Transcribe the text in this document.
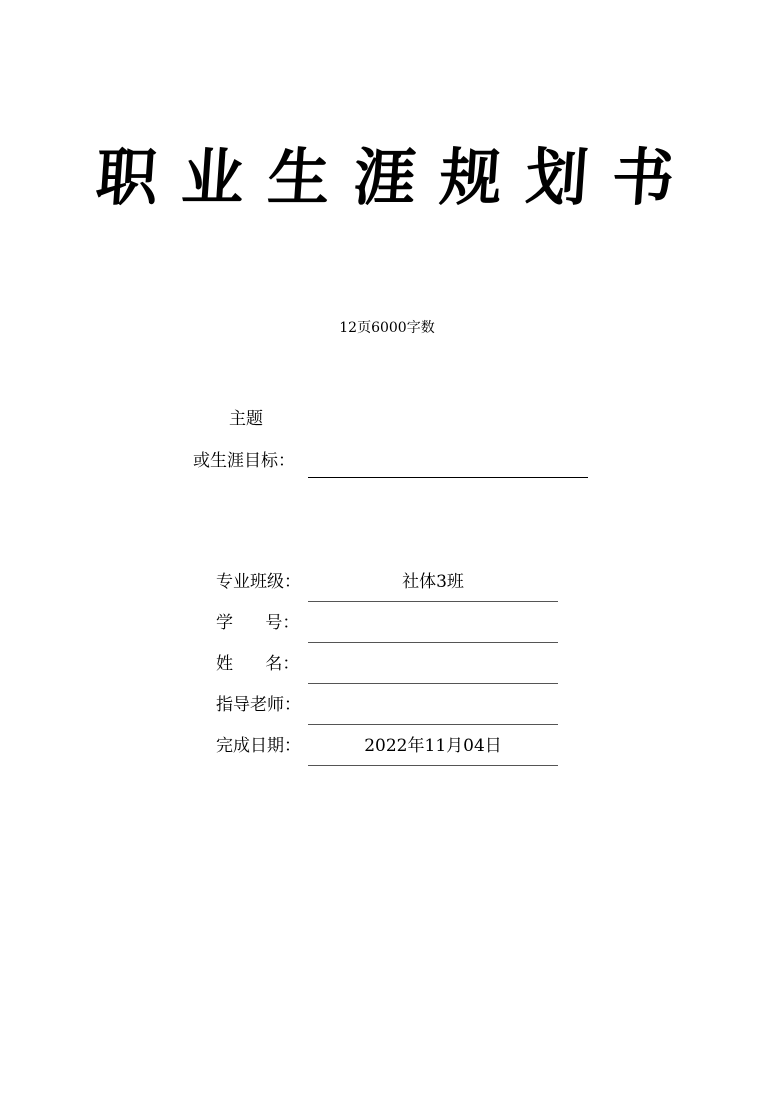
职业生涯规划书
12页6000字数
主题
或生涯目标：
专业班级：	社体3班
学      号：
姓      名：
指导老师：
完成日期：	2022年11月04日
